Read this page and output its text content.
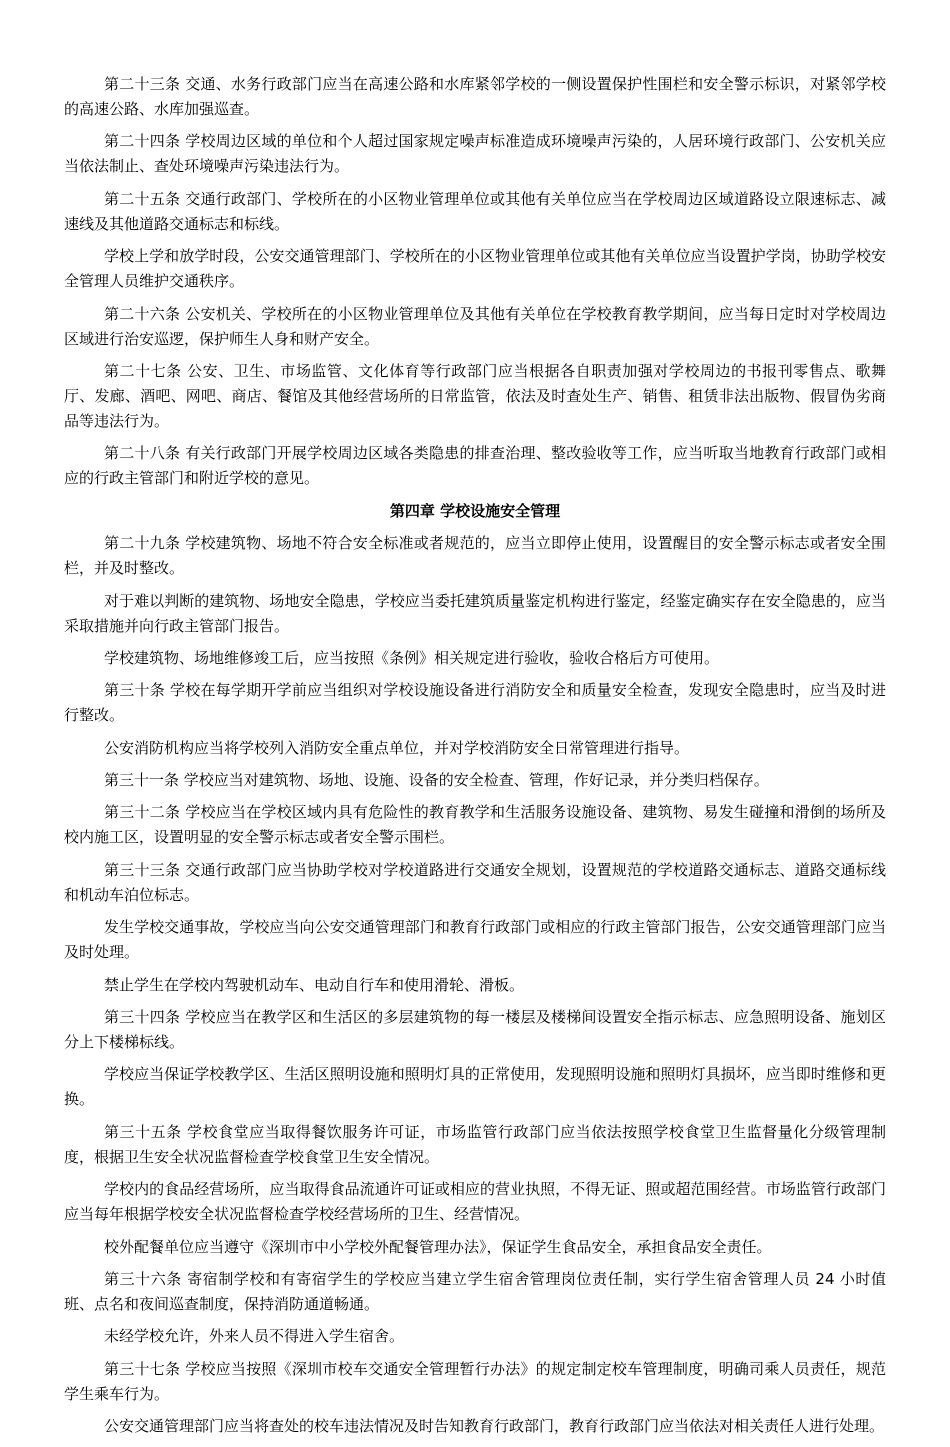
第二十三条 交通、水务行政部门应当在高速公路和水库紧邻学校的一侧设置保护性围栏和安全警示标识，对紧邻学校的高速公路、水库加强巡查。

第二十四条 学校周边区域的单位和个人超过国家规定噪声标准造成环境噪声污染的，人居环境行政部门、公安机关应当依法制止、查处环境噪声污染违法行为。

第二十五条 交通行政部门、学校所在的小区物业管理单位或其他有关单位应当在学校周边区域道路设立限速标志、减速线及其他道路交通标志和标线。

学校上学和放学时段，公安交通管理部门、学校所在的小区物业管理单位或其他有关单位应当设置护学岗，协助学校安全管理人员维护交通秩序。

第二十六条 公安机关、学校所在的小区物业管理单位及其他有关单位在学校教育教学期间，应当每日定时对学校周边区域进行治安巡逻，保护师生人身和财产安全。

第二十七条 公安、卫生、市场监管、文化体育等行政部门应当根据各自职责加强对学校周边的书报刊零售点、歌舞厅、发廊、酒吧、网吧、商店、餐馆及其他经营场所的日常监管，依法及时查处生产、销售、租赁非法出版物、假冒伪劣商品等违法行为。

第二十八条 有关行政部门开展学校周边区域各类隐患的排查治理、整改验收等工作，应当听取当地教育行政部门或相应的行政主管部门和附近学校的意见。

第四章 学校设施安全管理

第二十九条 学校建筑物、场地不符合安全标准或者规范的，应当立即停止使用，设置醒目的安全警示标志或者安全围栏，并及时整改。

对于难以判断的建筑物、场地安全隐患，学校应当委托建筑质量鉴定机构进行鉴定，经鉴定确实存在安全隐患的，应当采取措施并向行政主管部门报告。

学校建筑物、场地维修竣工后，应当按照《条例》相关规定进行验收，验收合格后方可使用。

第三十条 学校在每学期开学前应当组织对学校设施设备进行消防安全和质量安全检查，发现安全隐患时，应当及时进行整改。

公安消防机构应当将学校列入消防安全重点单位，并对学校消防安全日常管理进行指导。

第三十一条 学校应当对建筑物、场地、设施、设备的安全检查、管理，作好记录，并分类归档保存。

第三十二条 学校应当在学校区域内具有危险性的教育教学和生活服务设施设备、建筑物、易发生碰撞和滑倒的场所及校内施工区，设置明显的安全警示标志或者安全警示围栏。

第三十三条 交通行政部门应当协助学校对学校道路进行交通安全规划，设置规范的学校道路交通标志、道路交通标线和机动车泊位标志。

发生学校交通事故，学校应当向公安交通管理部门和教育行政部门或相应的行政主管部门报告，公安交通管理部门应当及时处理。

禁止学生在学校内驾驶机动车、电动自行车和使用滑轮、滑板。

第三十四条 学校应当在教学区和生活区的多层建筑物的每一楼层及楼梯间设置安全指示标志、应急照明设备、施划区分上下楼梯标线。

学校应当保证学校教学区、生活区照明设施和照明灯具的正常使用，发现照明设施和照明灯具损坏，应当即时维修和更换。

第三十五条 学校食堂应当取得餐饮服务许可证，市场监管行政部门应当依法按照学校食堂卫生监督量化分级管理制度，根据卫生安全状况监督检查学校食堂卫生安全情况。

学校内的食品经营场所，应当取得食品流通许可证或相应的营业执照，不得无证、照或超范围经营。市场监管行政部门应当每年根据学校安全状况监督检查学校经营场所的卫生、经营情况。

校外配餐单位应当遵守《深圳市中小学校外配餐管理办法》，保证学生食品安全，承担食品安全责任。

第三十六条 寄宿制学校和有寄宿学生的学校应当建立学生宿舍管理岗位责任制，实行学生宿舍管理人员 24 小时值班、点名和夜间巡查制度，保持消防通道畅通。

未经学校允许，外来人员不得进入学生宿舍。

第三十七条 学校应当按照《深圳市校车交通安全管理暂行办法》的规定制定校车管理制度，明确司乘人员责任，规范学生乘车行为。

公安交通管理部门应当将查处的校车违法情况及时告知教育行政部门，教育行政部门应当依法对相关责任人进行处理。
